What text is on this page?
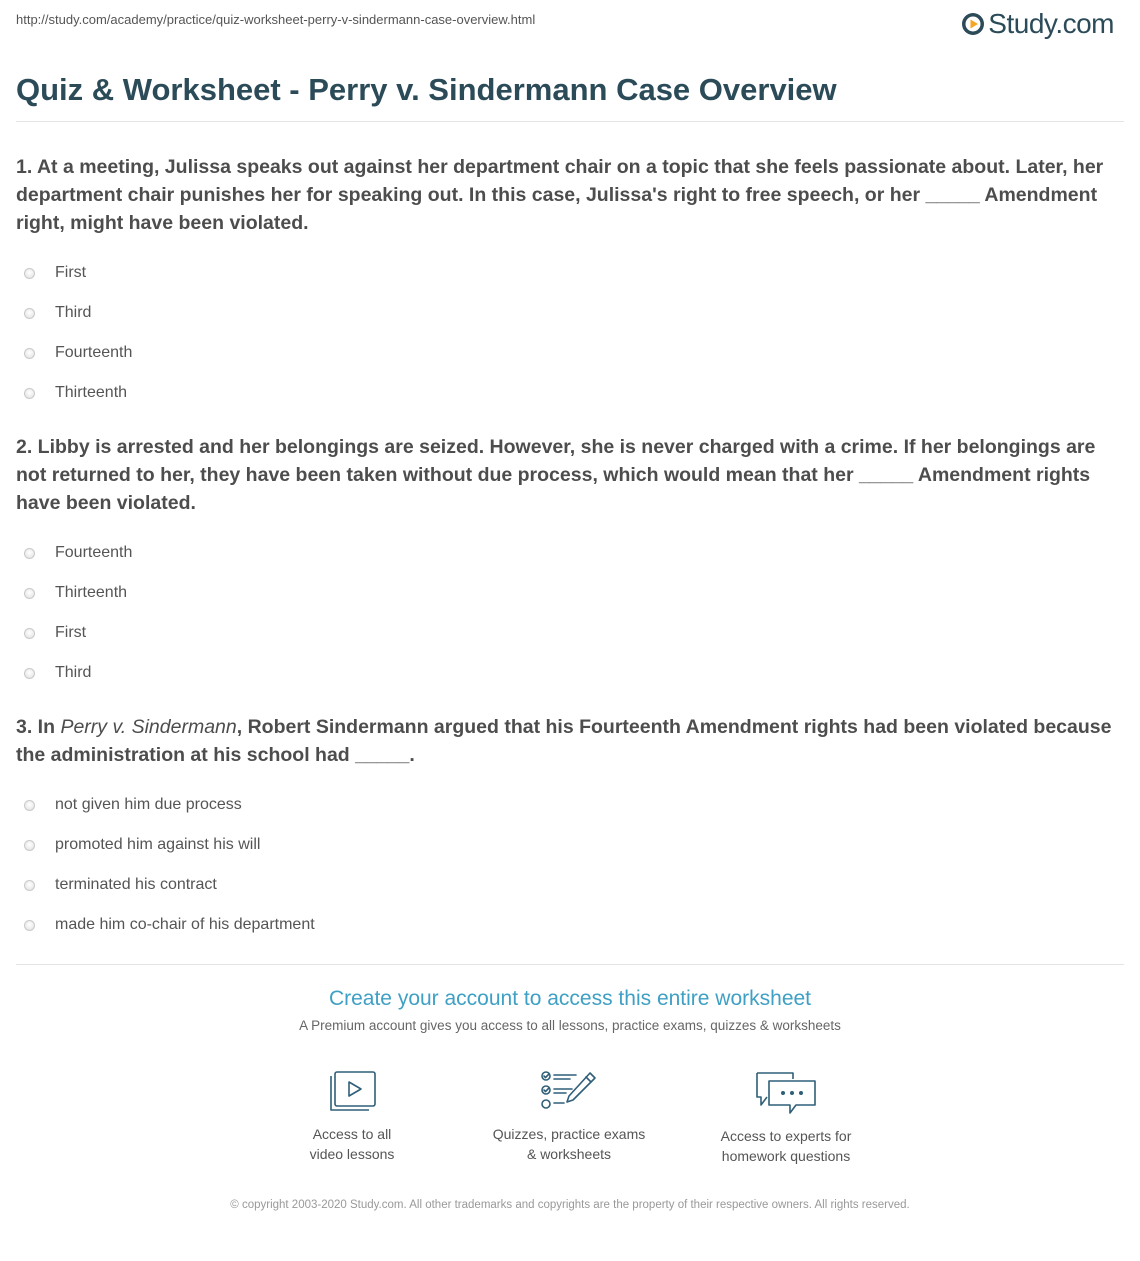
http://study.com/academy/practice/quiz-worksheet-perry-v-sindermann-case-overview.html	Study.com
Quiz & Worksheet - Perry v. Sindermann Case Overview

1. At a meeting, Julissa speaks out against her department chair on a topic that she feels passionate about. Later, her department chair punishes her for speaking out. In this case, Julissa's right to free speech, or her _____ Amendment right, might have been violated.

First
Third
Fourteenth
Thirteenth

2. Libby is arrested and her belongings are seized. However, she is never charged with a crime. If her belongings are not returned to her, they have been taken without due process, which would mean that her _____ Amendment rights have been violated.

Fourteenth
Thirteenth
First
Third

3. In Perry v. Sindermann, Robert Sindermann argued that his Fourteenth Amendment rights had been violated because the administration at his school had _____.

not given him due process
promoted him against his will
terminated his contract
made him co-chair of his department
Create your account to access this entire worksheet
A Premium account gives you access to all lessons, practice exams, quizzes & worksheets
Access to all
video lessons
Quizzes, practice exams
& worksheets
Access to experts for
homework questions
© copyright 2003-2020 Study.com. All other trademarks and copyrights are the property of their respective owners. All rights reserved.
